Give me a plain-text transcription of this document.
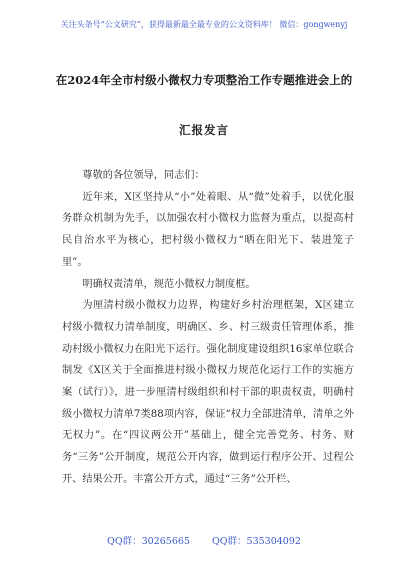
关注头条号“公文研究”，获得最新最全最专业的公文资料库！ 微信：gongwenyj
在2024年全市村级小微权力专项整治工作专题推进会上的
汇报发言

尊敬的各位领导，同志们：

近年来，X区坚持从“小”处着眼、从“微”处着手，以优化服务群众机制为先手，以加强农村小微权力监督为重点，以提高村民自治水平为核心，把村级小微权力“晒在阳光下、装进笼子里”。

明确权责清单，规范小微权力制度框。

为厘清村级小微权力边界，构建好乡村治理框架，X区建立村级小微权力清单制度，明确区、乡、村三级责任管理体系，推动村级小微权力在阳光下运行。强化制度建设组织16家单位联合制发《X区关于全面推进村级小微权力规范化运行工作的实施方案（试行）》，进一步厘清村级组织和村干部的职责权责，明确村级小微权力清单7类88项内容，保证“权力全部进清单，清单之外无权力”。在“四议两公开”基础上，健全完善党务、村务、财务“三务”公开制度，规范公开内容，做到运行程序公开、过程公开、结果公开。丰富公开方式，通过“三务”公开栏、

QQ群：30265665 QQ群：535304092
